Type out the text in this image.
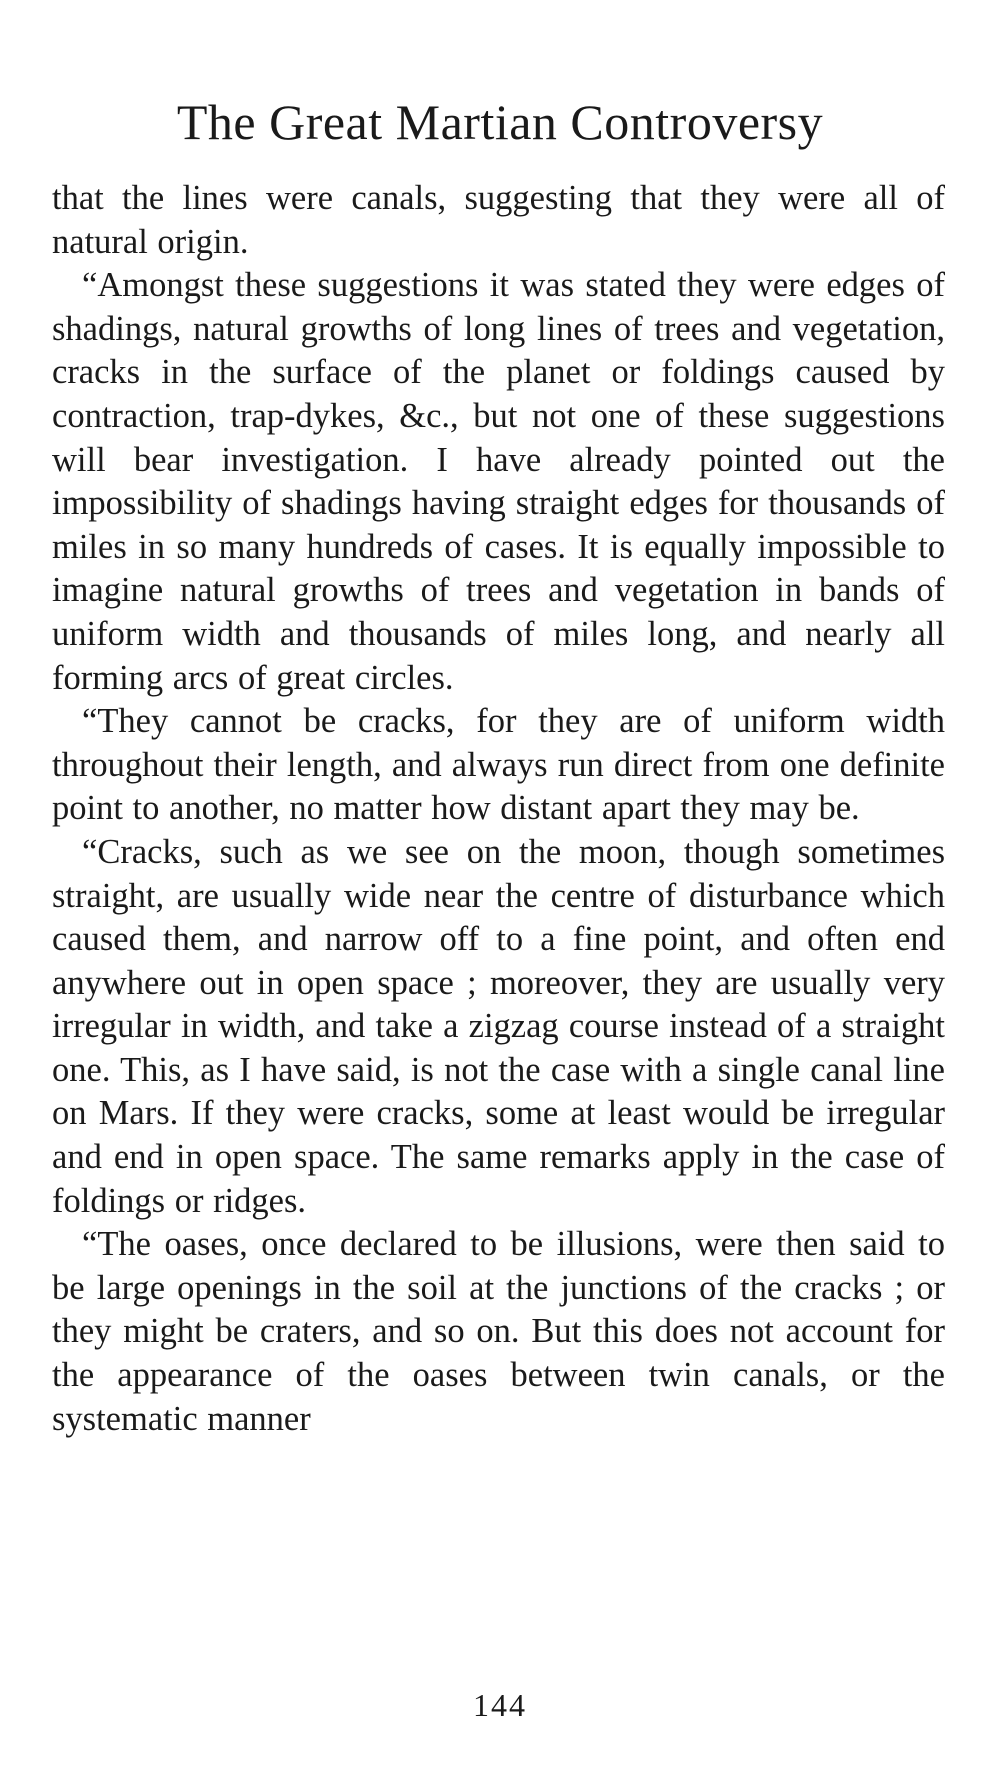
The Great Martian Controversy

that the lines were canals, suggesting that they were all of natural origin.

“Amongst these suggestions it was stated they were edges of shadings, natural growths of long lines of trees and vegetation, cracks in the surface of the planet or foldings caused by contraction, trap-dykes, &c., but not one of these suggestions will bear investigation. I have already pointed out the impossibility of shadings having straight edges for thousands of miles in so many hundreds of cases. It is equally impossible to imagine natural growths of trees and vegetation in bands of uniform width and thousands of miles long, and nearly all forming arcs of great circles.

“They cannot be cracks, for they are of uniform width throughout their length, and always run direct from one definite point to another, no matter how distant apart they may be.

“Cracks, such as we see on the moon, though sometimes straight, are usually wide near the centre of disturbance which caused them, and narrow off to a fine point, and often end anywhere out in open space ; moreover, they are usually very irregular in width, and take a zigzag course instead of a straight one. This, as I have said, is not the case with a single canal line on Mars. If they were cracks, some at least would be irregular and end in open space. The same remarks apply in the case of foldings or ridges.

“The oases, once declared to be illusions, were then said to be large openings in the soil at the junctions of the cracks ; or they might be craters, and so on. But this does not account for the appearance of the oases between twin canals, or the systematic manner

144
